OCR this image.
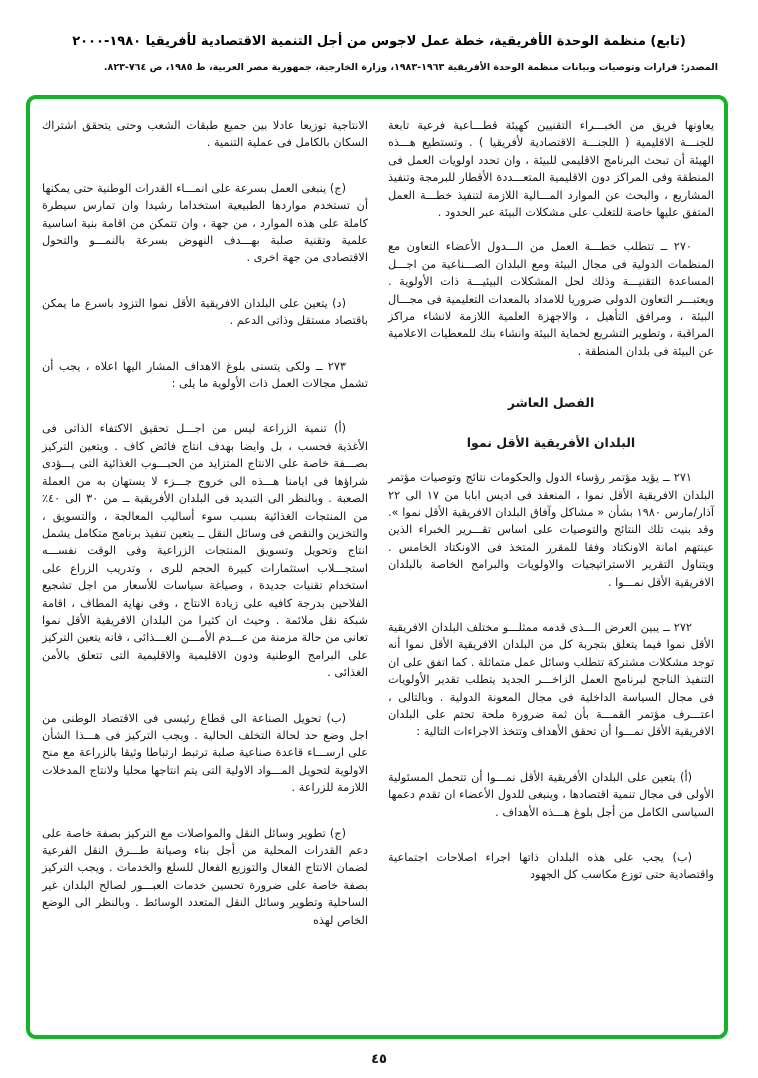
(تابع) منظمة الوحدة الأفريقية، خطة عمل لاجوس من أجل التنمية الاقتصادية لأفريقيا ١٩٨٠-٢٠٠٠
المصدر: قرارات وتوصيات وبيانات منظمة الوحدة الأفريقية ١٩٦٣-١٩٨٣، وزارة الخارجية، جمهورية مصر العربية، ط ١٩٨٥، ص ٧٦٤-٨٢٣.

يعاونها فريق من الخبـــراء التقنيين كهيئة قطـــاعية فرعية تابعة للجنـــة الاقليمية ( اللجنـــة الاقتصادية لأفريقيا ) . وتستطيع هـــذه الهيئة أن تبحث البرنامج الاقليمى للبيئة ، وان تحدد اولويات العمل فى المنطقة وفى المراكز دون الاقليمية المتعـــددة الأقطار للبرمجة وتنفيذ المشاريع ، والبحث عن الموارد المـــالية اللازمة لتنفيذ خطـــة العمل المتفق عليها خاصة للتغلب على مشكلات البيئة عبر الحدود .

٢٧٠ ــ تتطلب خطـــة العمل من الـــدول الأعضاء التعاون مع المنظمات الدولية فى مجال البيئة ومع البلدان الصـــناعية من اجـــل المساعدة التقنيـــة وذلك لحل المشكلات البيئيـــة ذات الأولوية . ويعتبـــر التعاون الدولى ضروريا للامداد بالمعدات التعليمية فى مجـــال البيئة ، ومرافق التأهيل ، والاجهزة العلمية اللازمة لانشاء مراكز المراقبة ، وتطوير التشريع لحماية البيئة وانشاء بنك للمعطيات الاعلامية عن البيئة فى بلدان المنطقة .

الفصل العاشر
البلدان الأفريقية الأقل نموا

٢٧١ ــ يؤيد مؤتمر رؤساء الدول والحكومات نتائج وتوصيات مؤتمر البلدان الافريقية الأقل نموا ، المنعقد فى اديس ابابا من ١٧ الى ٢٢ آذار/مارس ١٩٨٠ بشأن « مشاكل وآفاق البلدان الافريقية الأقل نموا ». وقد بنيت تلك النتائج والتوصيات على اساس تقـــرير الخبراء الذين عينتهم امانة الاونكتاد وفقا للمقرر المتخذ فى الاونكتاد الخامس . ويتناول التقرير الاستراتيجيات والاولويات والبرامج الخاصة بالبلدان الافريقية الأقل نمـــوا .

٢٧٢ ــ يبين العرض الـــذى قدمه ممثلـــو مختلف البلدان الافريقية الأقل نموا فيما يتعلق بتجربة كل من البلدان الافريقية الأقل نموا أنه توجد مشكلات مشتركة تتطلب وسائل عمل متماثلة . كما اتفق على ان التنفيذ الناجح لبرنامج العمل الزاخـــر الجديد يتطلب تقدير الأولويات فى مجال السياسة الداخلية فى مجال المعونة الدولية . وبالتالى ، اعتـــرف مؤتمر القمـــة بأن ثمة ضرورة ملحة تحتم على البلدان الافريقية الأقل نمـــوا أن تحقق الأهداف وتتخذ الاجراءات التالية :

(أ) يتعين على البلدان الأفريقية الأقل نمـــوا أن تتحمل المسئولية الأولى فى مجال تنمية اقتصادها ، وينبغى للدول الأعضاء ان تقدم دعمها السياسى الكامل من أجل بلوغ هـــذه الأهداف .

(ب) يجب على هذه البلدان ذاتها اجراء اصلاحات اجتماعية واقتصادية حتى توزع مكاسب كل الجهود

الانتاجية توزيعا عادلا بين جميع طبقات الشعب وحتى يتحقق اشتراك السكان بالكامل فى عملية التنمية .

(ج) ينبغى العمل بسرعة على انمـــاء القدرات الوطنية حتى يمكنها أن تستخدم مواردها الطبيعية استخداما رشيدا وان تمارس سيطرة كاملة على هذه الموارد ، من جهة ، وان تتمكن من اقامة بنية اساسية علمية وتقنية صلبة بهـــدف النهوض بسرعة بالنمـــو والتحول الاقتصادى من جهة اخرى .

(د) يتعين على البلدان الافريقية الأقل نموا التزود باسرع ما يمكن باقتصاد مستقل وذاتى الدعم .

٢٧٣ ــ ولكى يتسنى بلوغ الاهداف المشار اليها اعلاه ، يجب أن تشمل مجالات العمل ذات الأولوية ما يلى :

(أ) تنمية الزراعة ليس من اجـــل تحقيق الاكتفاء الذاتى فى الأغذية فحسب ، بل وايضا بهدف انتاج فائض كاف . ويتعين التركيز بصـــفة خاصة على الانتاج المتزايد من الحبـــوب الغذائية التى يـــؤدى شراؤها فى ايامنا هـــذه الى خروج جـــزء لا يستهان به من العملة الصعبة . وبالنظر الى التبديد فى البلدان الأفريقية ــ من ٣٠ الى ٤٠٪ من المنتجات الغذائية بسبب سوء أساليب المعالجة ، والتسويق ، والتخزين والنقص فى وسائل النقل ــ يتعين تنفيذ برنامج متكامل يشمل انتاج وتحويل وتسويق المنتجات الزراعية وفى الوقت نفســـه استجـــلاب استثمارات كبيرة الحجم للرى ، وتدريب الزراع على استخدام تقنيات جديدة ، وصياغة سياسات للأسعار من اجل تشجيع الفلاحين بدرجة كافيه على زيادة الانتاج ، وفى نهاية المطاف ، اقامة شبكة نقل ملائمة . وحيث ان كثيرا من البلدان الافريقية الأقل نموا تعانى من حالة مزمنة من عـــدم الأمـــن الغـــذائى ، فانه يتعين التركيز على البرامج الوطنية ودون الاقليمية والاقليمية التى تتعلق بالأمن الغذائى .

(ب) تحويل الصناعة الى قطاع رئيسى فى الاقتصاد الوطنى من اجل وضع حد لحالة التخلف الحالية . ويجب التركيز فى هـــذا الشأن على ارســـاء قاعدة صناعية صلبة ترتبط ارتباطا وثيقا بالزراعة مع منح الاولوية لتحويل المـــواد الاولية التى يتم انتاجها محليا ولانتاج المدخلات اللازمة للزراعة .

(ج) تطوير وسائل النقل والمواصلات مع التركيز بصفة خاصة على دعم القدرات المحلية من أجل بناء وصيانة طـــرق النقل الفرعية لضمان الانتاج الفعال والتوزيع الفعال للسلع والخدمات . ويجب التركيز بصفة خاصة على ضرورة تحسين خدمات العبـــور لصالح البلدان غير الساحلية وتطوير وسائل النقل المتعدد الوسائط . وبالنظر الى الوضع الخاص لهذه

٤٥
